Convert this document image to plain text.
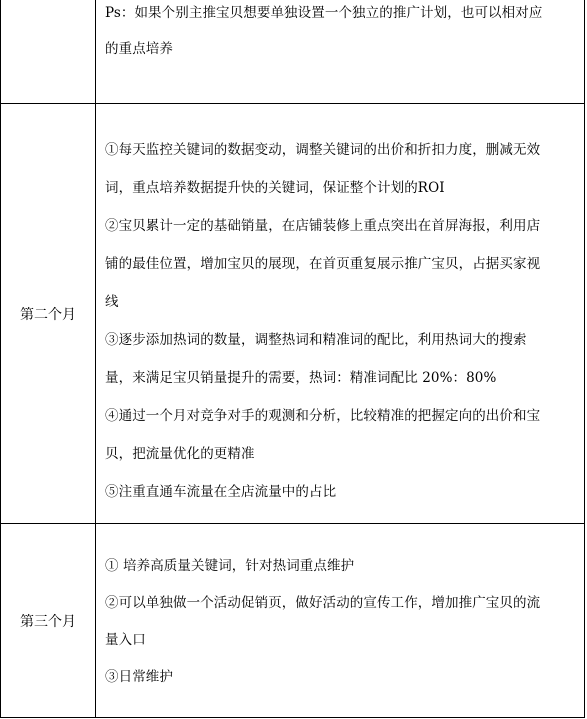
Ps：如果个别主推宝贝想要单独设置一个独立的推广计划，也可以相对应
的重点培养
第二个月
①每天监控关键词的数据变动，调整关键词的出价和折扣力度，删减无效
词，重点培养数据提升快的关键词，保证整个计划的ROI
②宝贝累计一定的基础销量，在店铺装修上重点突出在首屏海报，利用店
铺的最佳位置，增加宝贝的展现，在首页重复展示推广宝贝，占据买家视
线
③逐步添加热词的数量，调整热词和精准词的配比，利用热词大的搜索
量，来满足宝贝销量提升的需要，热词：精准词配比 20%：80%
④通过一个月对竞争对手的观测和分析，比较精准的把握定向的出价和宝
贝，把流量优化的更精准
⑤注重直通车流量在全店流量中的占比
第三个月
① 培养高质量关键词，针对热词重点维护
②可以单独做一个活动促销页，做好活动的宣传工作，增加推广宝贝的流
量入口
③日常维护
